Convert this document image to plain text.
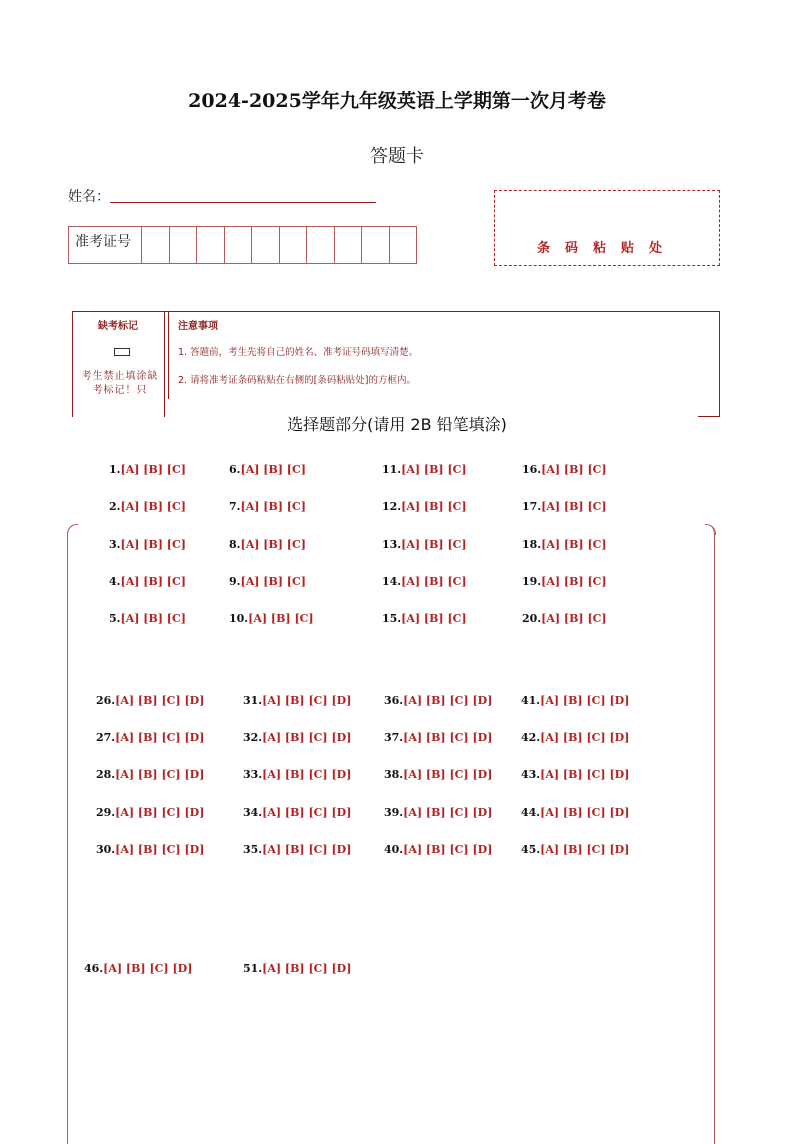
2024-2025学年九年级英语上学期第一次月考卷
答题卡
姓名：
准考证号	条码粘贴处
缺考标记
考生禁止填涂缺考标记！只
注意事项
1. 答题前，考生先将自己的姓名、准考证号码填写清楚。
2. 请将准考证条码粘贴在右侧的[条码粘贴处]的方框内。
选择题部分(请用 2B 铅笔填涂)
1.[A] [B] [C]
2.[A] [B] [C]
3.[A] [B] [C]
4.[A] [B] [C]
5.[A] [B] [C]
6.[A] [B] [C]
7.[A] [B] [C]
8.[A] [B] [C]
9.[A] [B] [C]
10.[A] [B] [C]
11.[A] [B] [C]
12.[A] [B] [C]
13.[A] [B] [C]
14.[A] [B] [C]
15.[A] [B] [C]
16.[A] [B] [C]
17.[A] [B] [C]
18.[A] [B] [C]
19.[A] [B] [C]
20.[A] [B] [C]
26.[A] [B] [C] [D]
27.[A] [B] [C] [D]
28.[A] [B] [C] [D]
29.[A] [B] [C] [D]
30.[A] [B] [C] [D]
31.[A] [B] [C] [D]
32.[A] [B] [C] [D]
33.[A] [B] [C] [D]
34.[A] [B] [C] [D]
35.[A] [B] [C] [D]
36.[A] [B] [C] [D]
37.[A] [B] [C] [D]
38.[A] [B] [C] [D]
39.[A] [B] [C] [D]
40.[A] [B] [C] [D]
41.[A] [B] [C] [D]
42.[A] [B] [C] [D]
43.[A] [B] [C] [D]
44.[A] [B] [C] [D]
45.[A] [B] [C] [D]
46.[A] [B] [C] [D]	51.[A] [B] [C] [D]
